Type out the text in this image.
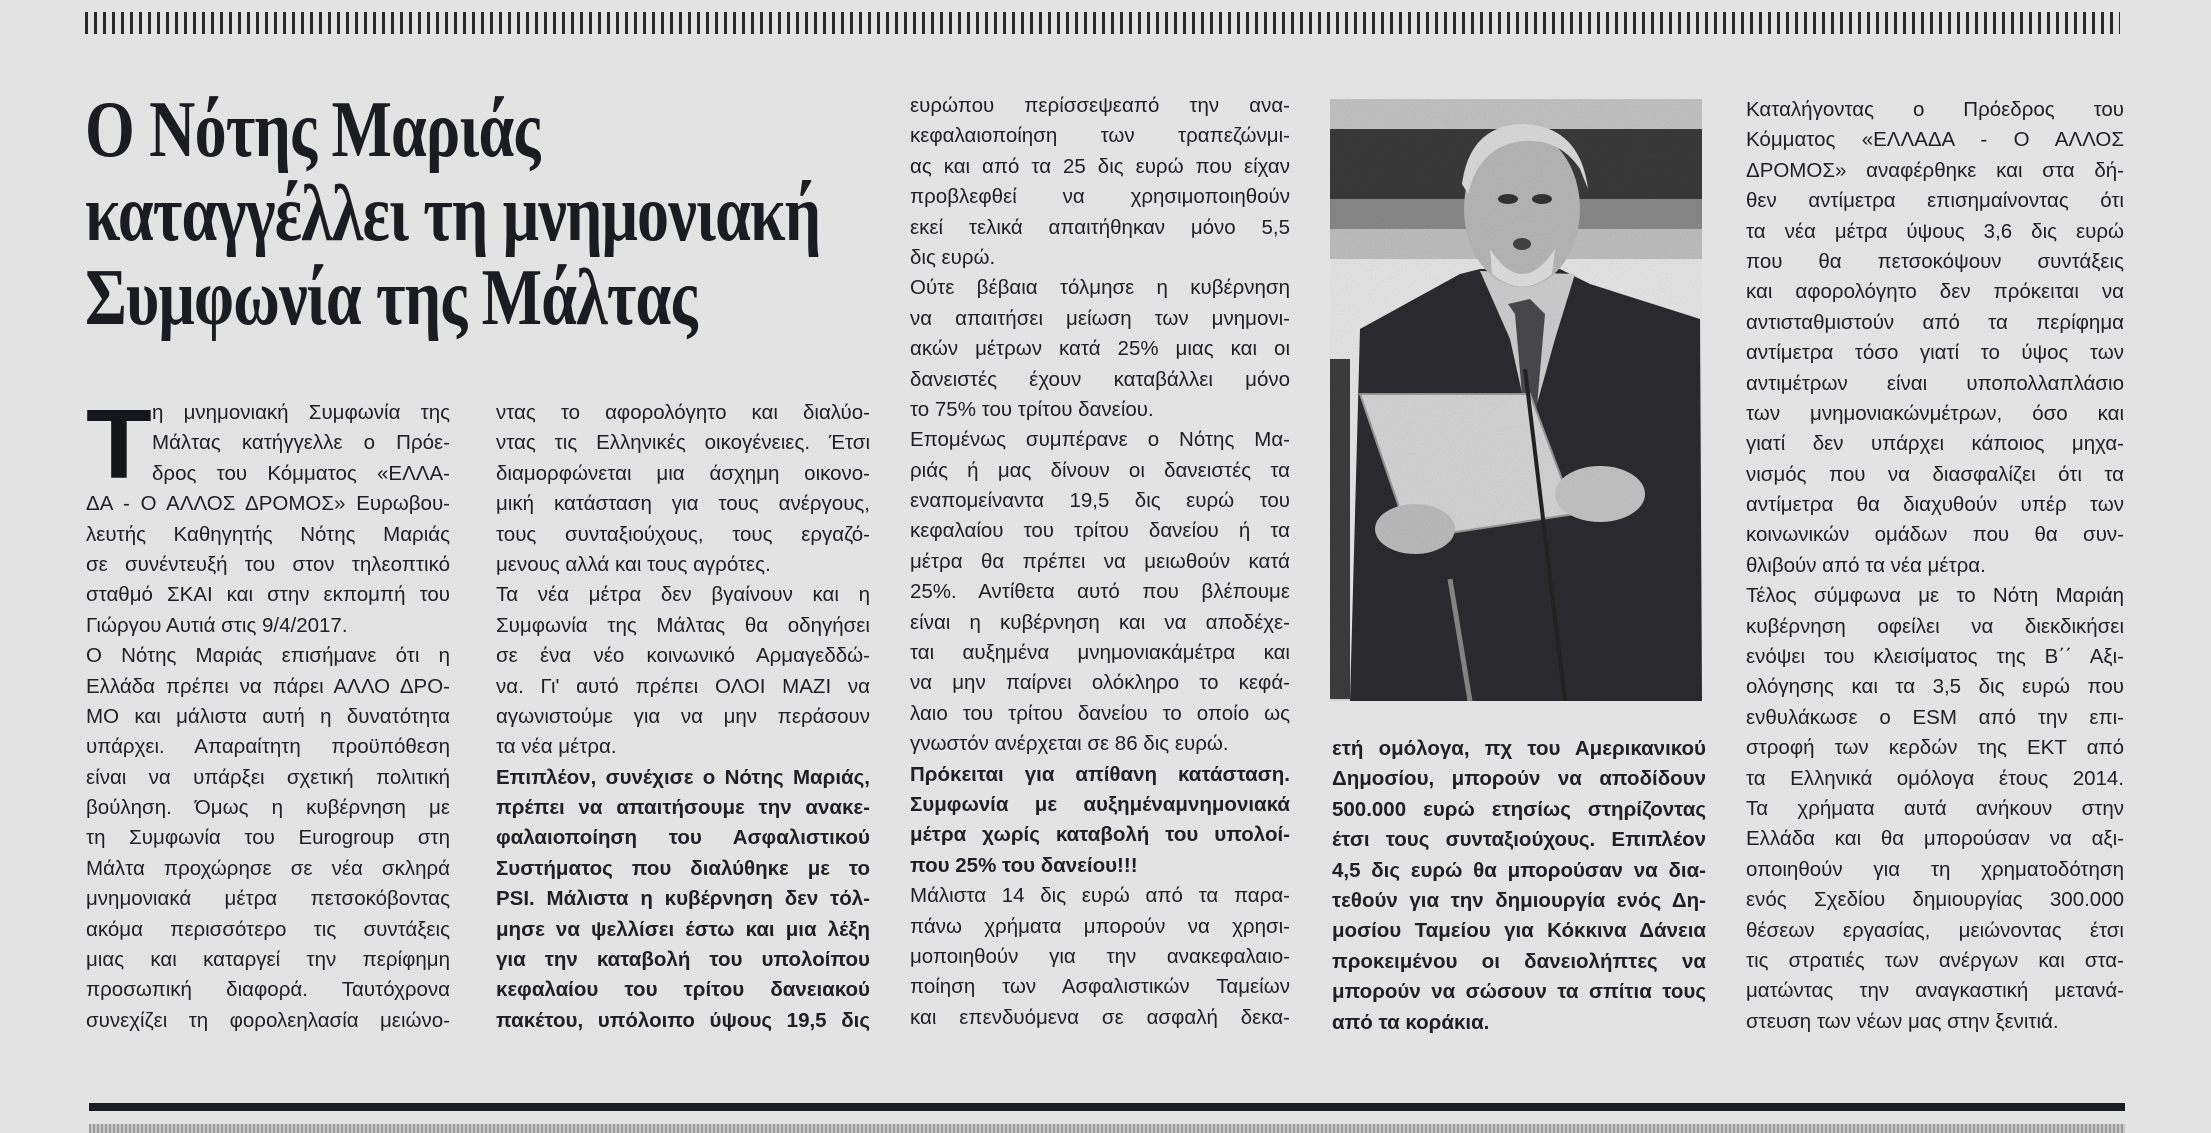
Ο Νότης Μαριάς
καταγγέλλει τη μνημονιακή
Συμφωνία της Μάλτας
Τ η μνημονιακή Συμφωνία της
Μάλτας κατήγγελλε ο Πρόε-
δρος του Κόμματος «ΕΛΛΑ-
ΔΑ - Ο ΑΛΛΟΣ ΔΡΟΜΟΣ» Ευρωβου-
λευτής Καθηγητής Νότης Μαριάς
σε συνέντευξή του στον τηλεοπτικό
σταθμό ΣΚΑΙ και στην εκπομπή του
Γιώργου Αυτιά στις 9/4/2017.
Ο Νότης Μαριάς επισήμανε ότι η
Ελλάδα πρέπει να πάρει ΑΛΛΟ ΔΡΟ-
ΜΟ και μάλιστα αυτή η δυνατότητα
υπάρχει. Απαραίτητη προϋπόθεση
είναι να υπάρξει σχετική πολιτική
βούληση. Όμως η κυβέρνηση με
τη Συμφωνία του Eurogroup στη
Μάλτα προχώρησε σε νέα σκληρά
μνημονιακά μέτρα πετσοκόβοντας
ακόμα περισσότερο τις συντάξεις
μιας και καταργεί την περίφημη
προσωπική διαφορά. Ταυτόχρονα
συνεχίζει τη φορολεηλασία μειώνο-
ντας το αφορολόγητο και διαλύο-
ντας τις Ελληνικές οικογένειες. Έτσι
διαμορφώνεται μια άσχημη οικονο-
μική κατάσταση για τους ανέργους,
τους συνταξιούχους, τους εργαζό-
μενους αλλά και τους αγρότες.
Τα νέα μέτρα δεν βγαίνουν και η
Συμφωνία της Μάλτας θα οδηγήσει
σε ένα νέο κοινωνικό Αρμαγεδδώ-
να. Γι' αυτό πρέπει ΟΛΟΙ ΜΑΖΙ να
αγωνιστούμε για να μην περάσουν
τα νέα μέτρα.
Επιπλέον, συνέχισε ο Νότης Μαριάς,
πρέπει να απαιτήσουμε την ανακε-
φαλαιοποίηση του Ασφαλιστικού
Συστήματος που διαλύθηκε με το
PSI. Μάλιστα η κυβέρνηση δεν τόλ-
μησε να ψελλίσει έστω και μια λέξη
για την καταβολή του υπολοίπου
κεφαλαίου του τρίτου δανειακού
πακέτου, υπόλοιπο ύψους 19,5 δις
ευρώπου περίσσεψεαπό την ανα-
κεφαλαιοποίηση των τραπεζώνμι-
ας και από τα 25 δις ευρώ που είχαν
προβλεφθεί να χρησιμοποιηθούν
εκεί τελικά απαιτήθηκαν μόνο 5,5
δις ευρώ.
Ούτε βέβαια τόλμησε η κυβέρνηση
να απαιτήσει μείωση των μνημονι-
ακών μέτρων κατά 25% μιας και οι
δανειστές έχουν καταβάλλει μόνο
το 75% του τρίτου δανείου.
Επομένως συμπέρανε ο Νότης Μα-
ριάς ή μας δίνουν οι δανειστές τα
εναπομείναντα 19,5 δις ευρώ του
κεφαλαίου του τρίτου δανείου ή τα
μέτρα θα πρέπει να μειωθούν κατά
25%. Αντίθετα αυτό που βλέπουμε
είναι η κυβέρνηση και να αποδέχε-
ται αυξημένα μνημονιακάμέτρα και
να μην παίρνει ολόκληρο το κεφά-
λαιο του τρίτου δανείου το οποίο ως
γνωστόν ανέρχεται σε 86 δις ευρώ.
Πρόκειται για απίθανη κατάσταση.
Συμφωνία με αυξημέναμνημονιακά
μέτρα χωρίς καταβολή του υπολοί-
που 25% του δανείου!!!
Μάλιστα 14 δις ευρώ από τα παρα-
πάνω χρήματα μπορούν να χρησι-
μοποιηθούν για την ανακεφαλαιο-
ποίηση των Ασφαλιστικών Ταμείων
και επενδυόμενα σε ασφαλή δεκα-
ετή ομόλογα, πχ του Αμερικανικού
Δημοσίου, μπορούν να αποδίδουν
500.000 ευρώ ετησίως στηρίζοντας
έτσι τους συνταξιούχους. Επιπλέον
4,5 δις ευρώ θα μπορούσαν να δια-
τεθούν για την δημιουργία ενός Δη-
μοσίου Ταμείου για Κόκκινα Δάνεια
προκειμένου οι δανειολήπτες να
μπορούν να σώσουν τα σπίτια τους
από τα κοράκια.
Καταλήγοντας ο Πρόεδρος του
Κόμματος «ΕΛΛΑΔΑ - Ο ΑΛΛΟΣ
ΔΡΟΜΟΣ» αναφέρθηκε και στα δή-
θεν αντίμετρα επισημαίνοντας ότι
τα νέα μέτρα ύψους 3,6 δις ευρώ
που θα πετσοκόψουν συντάξεις
και αφορολόγητο δεν πρόκειται να
αντισταθμιστούν από τα περίφημα
αντίμετρα τόσο γιατί το ύψος των
αντιμέτρων είναι υποπολλαπλάσιο
των μνημονιακώνμέτρων, όσο και
γιατί δεν υπάρχει κάποιος μηχα-
νισμός που να διασφαλίζει ότι τα
αντίμετρα θα διαχυθούν υπέρ των
κοινωνικών ομάδων που θα συν-
θλιβούν από τα νέα μέτρα.
Τέλος σύμφωνα με το Νότη Μαριάη
κυβέρνηση οφείλει να διεκδικήσει
ενόψει του κλεισίματος της Β΄΄ Αξι-
ολόγησης και τα 3,5 δις ευρώ που
ενθυλάκωσε ο ESM από την επι-
στροφή των κερδών της ΕΚΤ από
τα Ελληνικά ομόλογα έτους 2014.
Τα χρήματα αυτά ανήκουν στην
Ελλάδα και θα μπορούσαν να αξι-
οποιηθούν για τη χρηματοδότηση
ενός Σχεδίου δημιουργίας 300.000
θέσεων εργασίας, μειώνοντας έτσι
τις στρατιές των ανέργων και στα-
ματώντας την αναγκαστική μετανά-
στευση των νέων μας στην ξενιτιά.
